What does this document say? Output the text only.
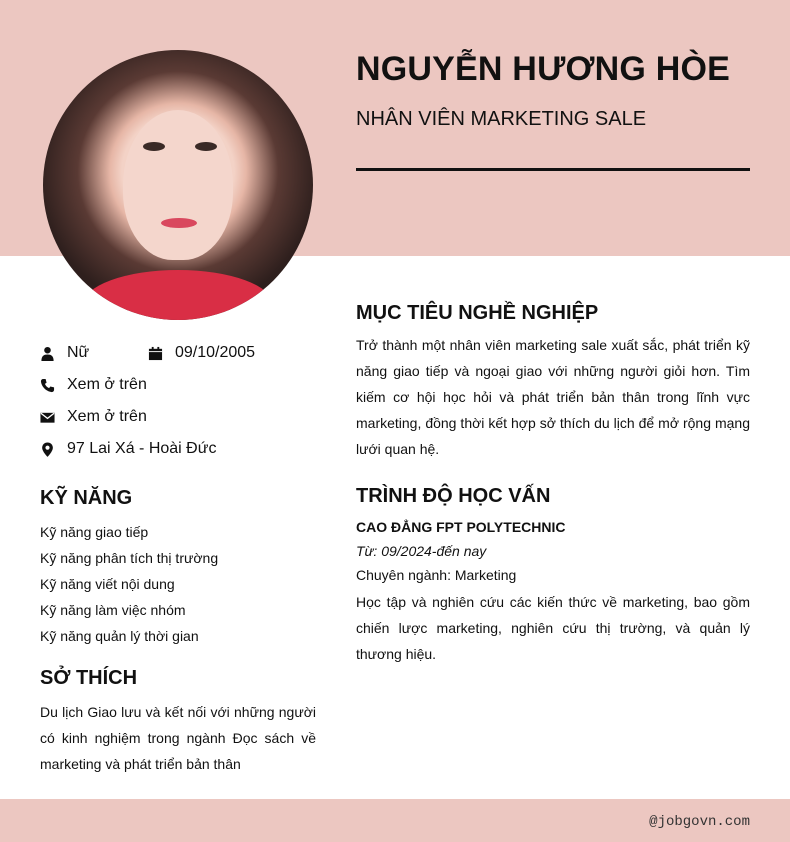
NGUYỄN HƯƠNG HÒE
NHÂN VIÊN MARKETING SALE
Nữ	09/10/2005
Xem ở trên
Xem ở trên
97 Lai Xá - Hoài Đức
KỸ NĂNG
Kỹ năng giao tiếp
Kỹ năng phân tích thị trường
Kỹ năng viết nội dung
Kỹ năng làm việc nhóm
Kỹ năng quản lý thời gian
SỞ THÍCH
Du lịch Giao lưu và kết nối với những người có kinh nghiệm trong ngành Đọc sách về marketing và phát triển bản thân
MỤC TIÊU NGHỀ NGHIỆP
Trở thành một nhân viên marketing sale xuất sắc, phát triển kỹ năng giao tiếp và ngoại giao với những người giỏi hơn. Tìm kiếm cơ hội học hỏi và phát triển bản thân trong lĩnh vực marketing, đồng thời kết hợp sở thích du lịch để mở rộng mạng lưới quan hệ.
TRÌNH ĐỘ HỌC VẤN
CAO ĐẲNG FPT POLYTECHNIC
Từ: 09/2024-đến nay
Chuyên ngành: Marketing
Học tập và nghiên cứu các kiến thức về marketing, bao gồm chiến lược marketing, nghiên cứu thị trường, và quản lý thương hiệu.
@jobgovn.com
